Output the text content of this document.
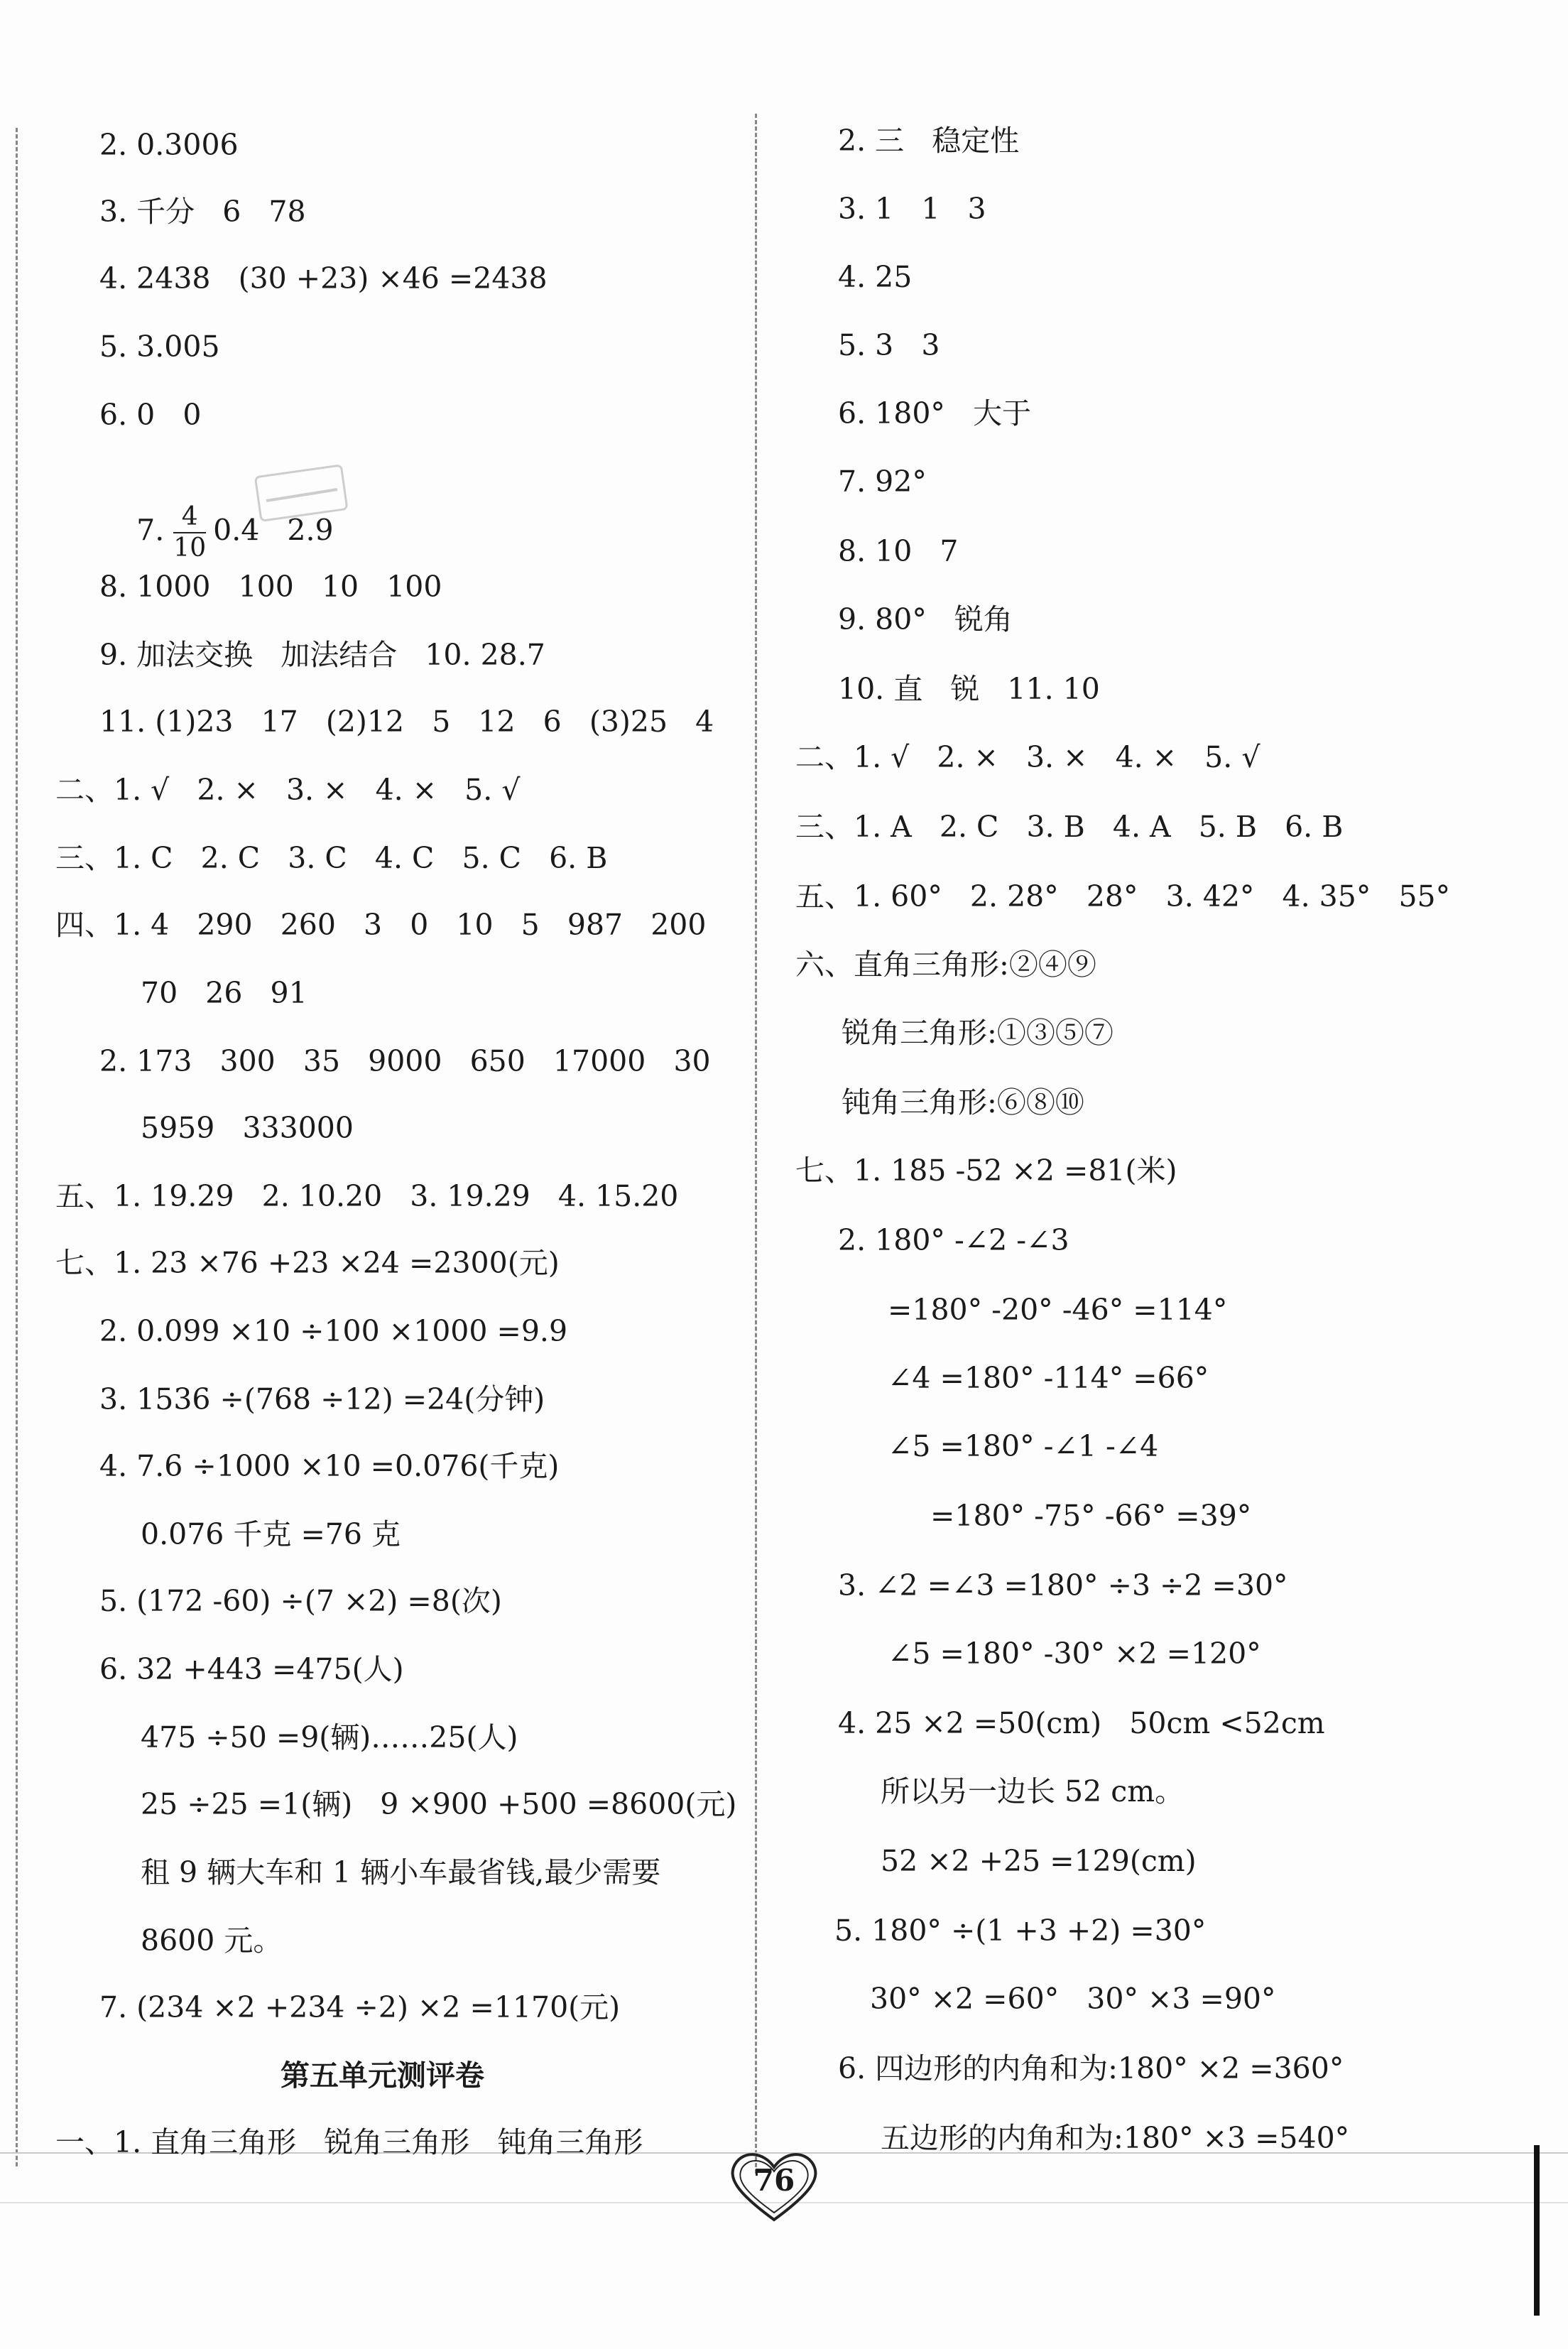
2. 0.3006
3. 千分   6   78
4. 2438   (30 +23) ×46 =2438
5. 3.005
6. 0   0

7. $\frac{4}{10} 0.4$   2.9

8. 1000   100   10   100
9. 加法交换   加法结合   10. 28.7
11. (1)23   17   (2)12   5   12   6   (3)25   4
二、1. √   2. ×   3. ×   4. ×   5. √
三、1. C   2. C   3. C   4. C   5. C   6. B
四、1. 4   290   260   3   0   10   5   987   200
70   26   91
2. 173   300   35   9000   650   17000   30
5959   333000
五、1. 19.29   2. 10.20   3. 19.29   4. 15.20
七、1. 23 ×76 +23 ×24 =2300(元)
2. 0.099 ×10 ÷100 ×1000 =9.9
3. 1536 ÷(768 ÷12) =24(分钟)
4. 7.6 ÷1000 ×10 =0.076(千克)
0.076 千克 =76 克
5. (172 -60) ÷(7 ×2) =8(次)
6. 32 +443 =475(人)
475 ÷50 =9(辆)……25(人)
25 ÷25 =1(辆)   9 ×900 +500 =8600(元)
租 9 辆大车和 1 辆小车最省钱,最少需要
8600 元。
7. (234 ×2 +234 ÷2) ×2 =1170(元)
第五单元测评卷
一、1. 直角三角形   锐角三角形   钝角三角形
2. 三   稳定性
3. 1   1   3
4. 25
5. 3   3
6. 180°   大于
7. 92°
8. 10   7
9. 80°   锐角
10. 直   锐   11. 10
二、1. √   2. ×   3. ×   4. ×   5. √
三、1. A   2. C   3. B   4. A   5. B   6. B
五、1. 60°   2. 28°   28°   3. 42°   4. 35°   55°
六、直角三角形:②④⑨
锐角三角形:①③⑤⑦
钝角三角形:⑥⑧⑩
七、1. 185 -52 ×2 =81(米)
2. 180° -∠2 -∠3
=180° -20° -46° =114°
∠4 =180° -114° =66°
∠5 =180° -∠1 -∠4
=180° -75° -66° =39°
3. ∠2 =∠3 =180° ÷3 ÷2 =30°
∠5 =180° -30° ×2 =120°
4. 25 ×2 =50(cm)   50cm <52cm
所以另一边长 52 cm。
52 ×2 +25 =129(cm)
5. 180° ÷(1 +3 +2) =30°
30° ×2 =60°   30° ×3 =90°
6. 四边形的内角和为:180° ×2 =360°
五边形的内角和为:180° ×3 =540°
76
